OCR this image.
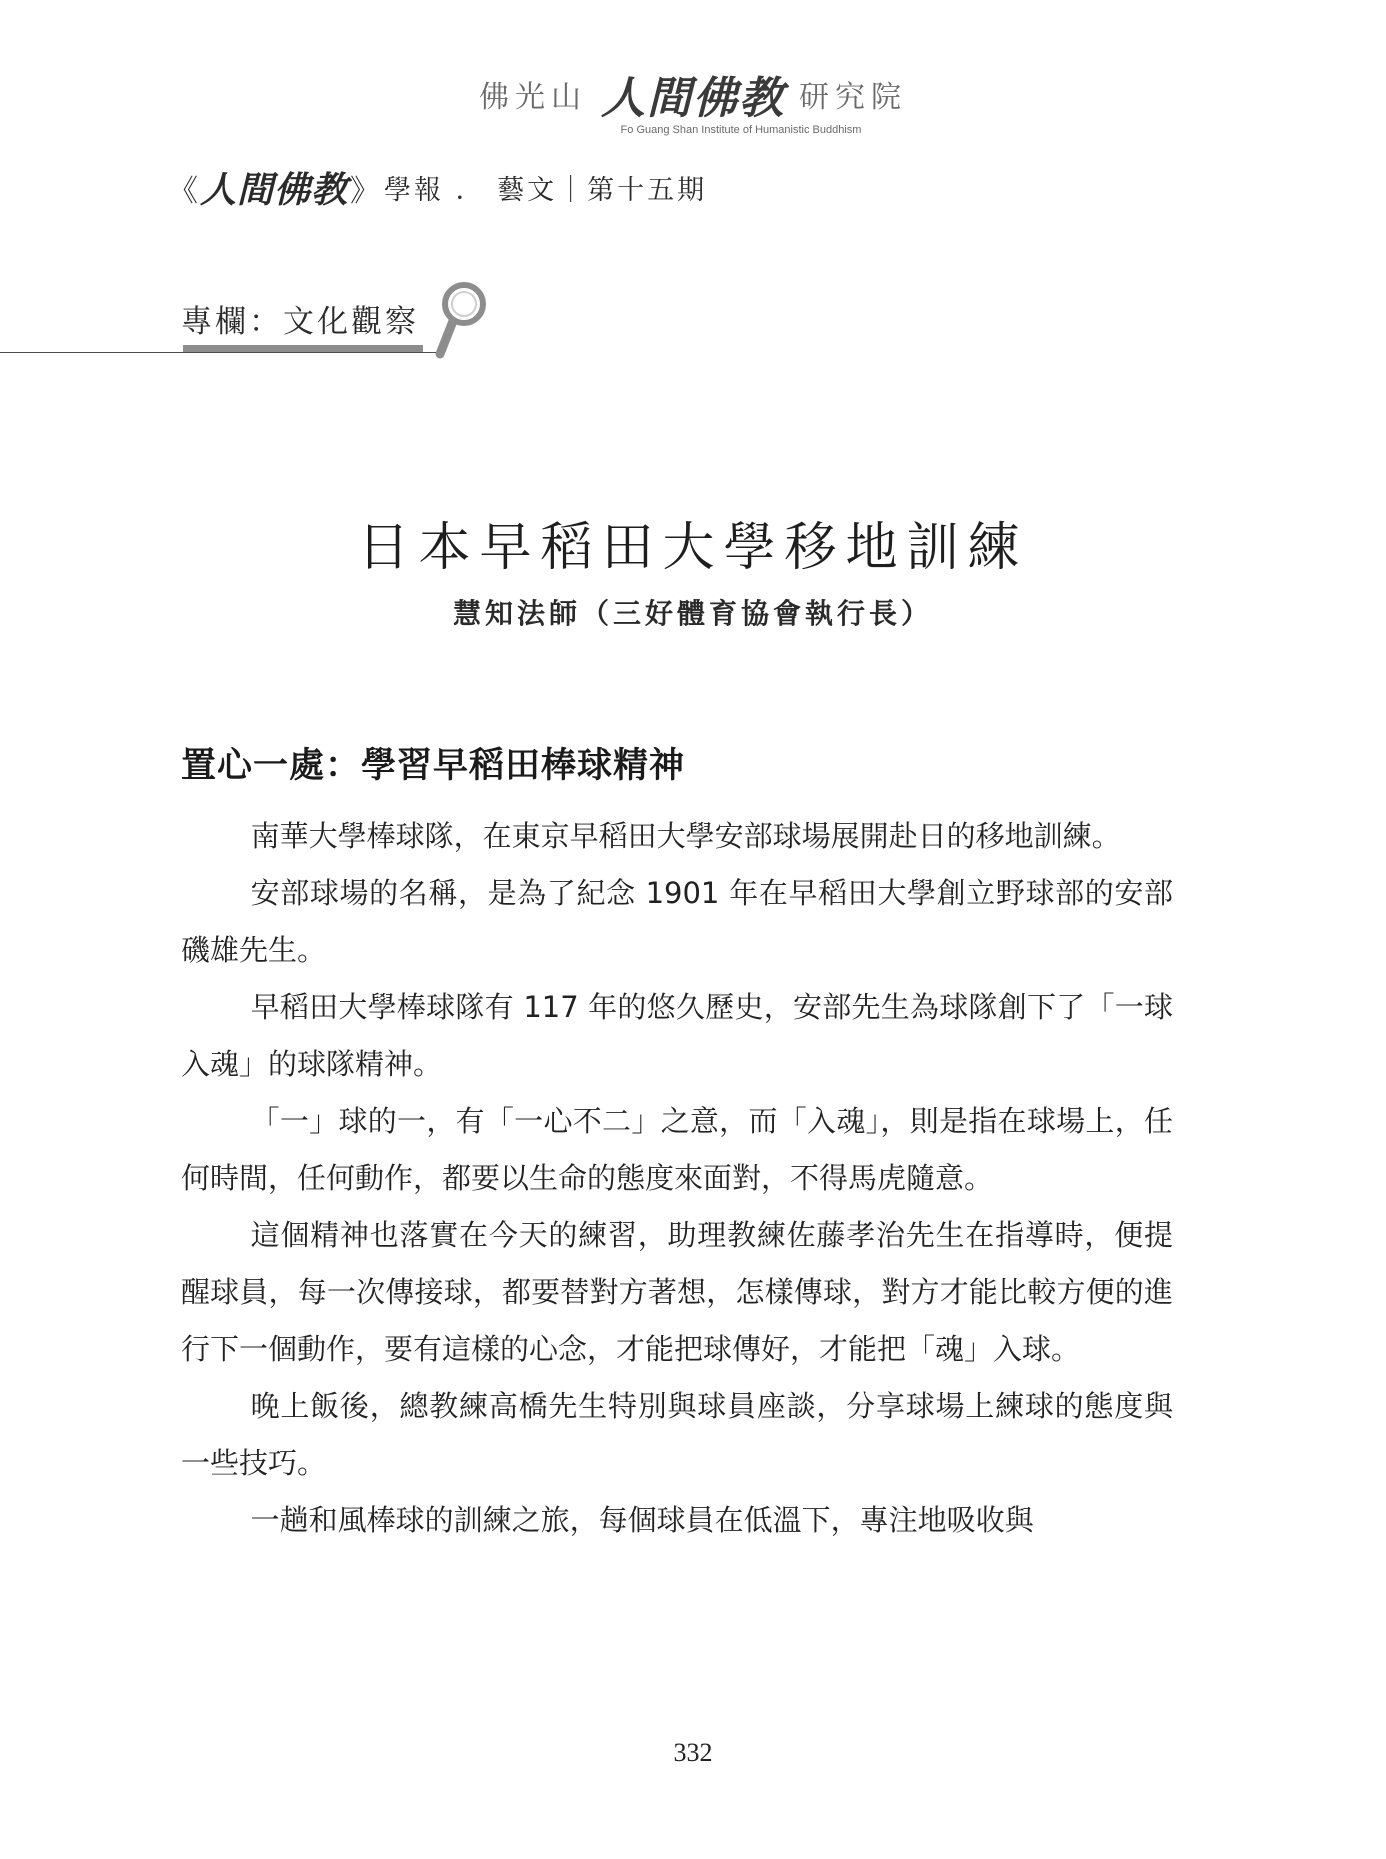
佛光山 人間佛教 研究院
Fo Guang Shan Institute of Humanistic Buddhism
《 人間佛教 》 學報 ． 藝文｜第十五期
專欄：文化觀察
日本早稻田大學移地訓練
慧知法師（三好體育協會執行長）
置心一處：學習早稻田棒球精神

南華大學棒球隊，在東京早稻田大學安部球場展開赴日的移地訓練。

安部球場的名稱，是為了紀念 1901 年在早稻田大學創立野球部的安部磯雄先生。

早稻田大學棒球隊有 117 年的悠久歷史，安部先生為球隊創下了「一球入魂」的球隊精神。

「一」球的一，有「一心不二」之意，而「入魂」，則是指在球場上，任何時間，任何動作，都要以生命的態度來面對，不得馬虎隨意。

這個精神也落實在今天的練習，助理教練佐藤孝治先生在指導時，便提醒球員，每一次傳接球，都要替對方著想，怎樣傳球，對方才能比較方便的進行下一個動作，要有這樣的心念，才能把球傳好，才能把「魂」入球。

晚上飯後，總教練高橋先生特別與球員座談，分享球場上練球的態度與一些技巧。

一趟和風棒球的訓練之旅，每個球員在低溫下，專注地吸收與

332
